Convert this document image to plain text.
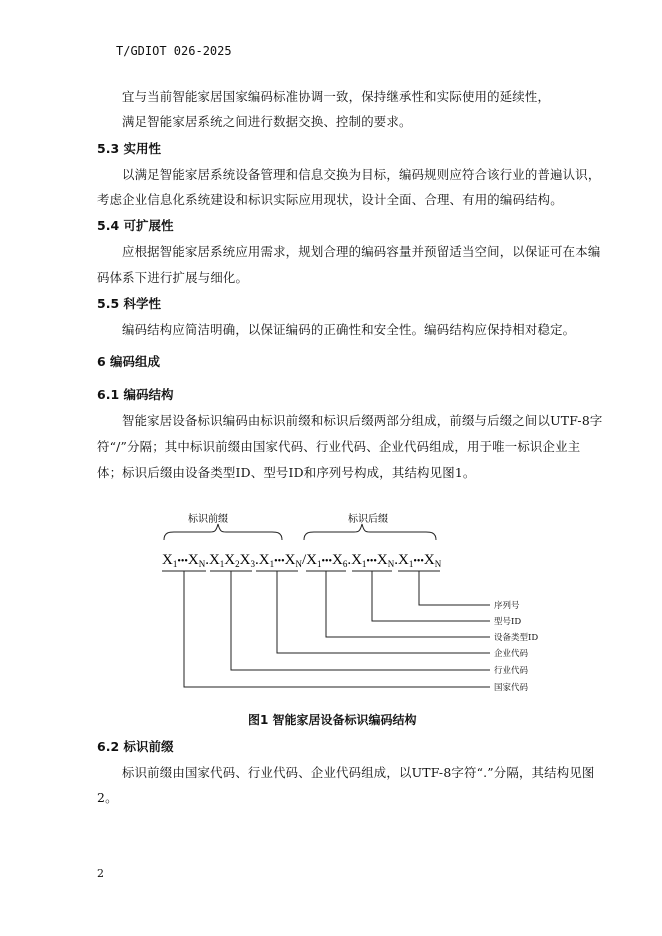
T/GDIOT 026-2025
宜与当前智能家居国家编码标准协调一致，保持继承性和实际使用的延续性，
满足智能家居系统之间进行数据交换、控制的要求。
5.3 实用性
以满足智能家居系统设备管理和信息交换为目标，编码规则应符合该行业的普遍认识，
考虑企业信息化系统建设和标识实际应用现状，设计全面、合理、有用的编码结构。
5.4 可扩展性
应根据智能家居系统应用需求，规划合理的编码容量并预留适当空间，以保证可在本编
码体系下进行扩展与细化。
5.5 科学性
编码结构应简洁明确，以保证编码的正确性和安全性。编码结构应保持相对稳定。
6 编码组成
6.1 编码结构
智能家居设备标识编码由标识前缀和标识后缀两部分组成，前缀与后缀之间以UTF-8字
符“/”分隔；其中标识前缀由国家代码、行业代码、企业代码组成，用于唯一标识企业主
体；标识后缀由设备类型ID、型号ID和序列号构成，其结构见图1。
标识前缀	标识后缀
$X_1^{•••}X_N.X_1X_2X_3.X_1^{•••}X_N/X_1^{•••}X_6.X_1^{•••}X_N.X_1^{•••}X_N$
序列号
型号ID
设备类型ID
企业代码
行业代码
国家代码
图1 智能家居设备标识编码结构
6.2 标识前缀
标识前缀由国家代码、行业代码、企业代码组成，以UTF-8字符“.”分隔，其结构见图
2。
2
